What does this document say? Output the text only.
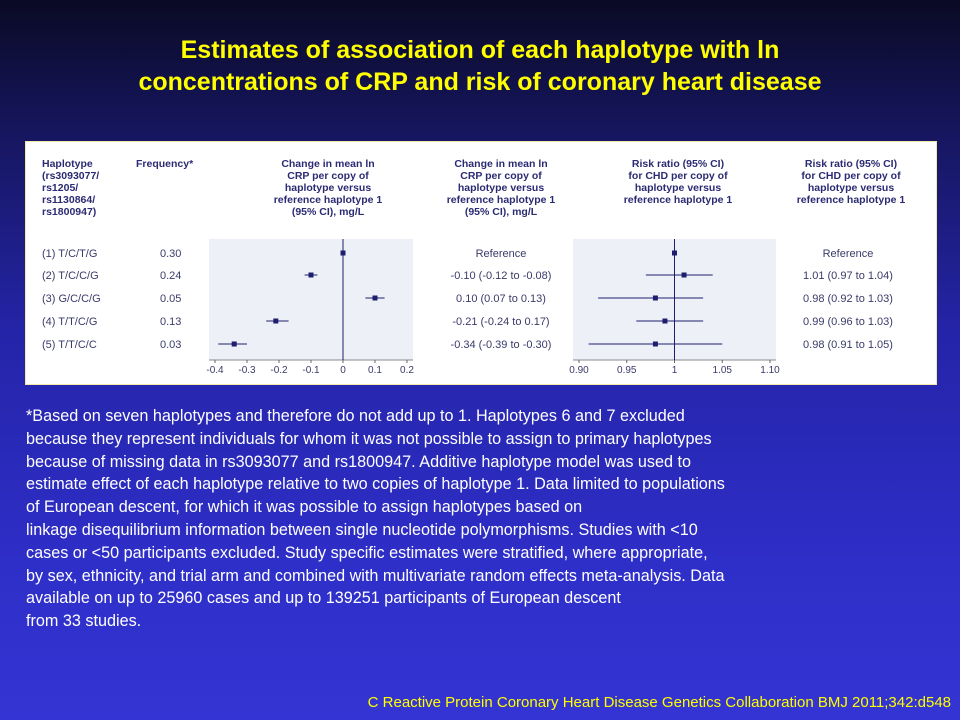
Estimates of association of each haplotype with ln
concentrations of CRP and risk of coronary heart disease
Haplotype
(rs3093077/
rs1205/
rs1130864/
rs1800947)
Frequency*	Change in mean ln
CRP per copy of
haplotype versus
reference haplotype 1
(95% CI), mg/L
Change in mean ln
CRP per copy of
haplotype versus
reference haplotype 1
(95% CI), mg/L
Risk ratio (95% CI)
for CHD per copy of
haplotype versus
reference haplotype 1
Risk ratio (95% CI)
for CHD per copy of
haplotype versus
reference haplotype 1
-0.4 -0.3 -0.2 -0.1 0 0.1 0.2	0.90	0.95	1	1.05	1.10
(1) T/C/T/G	0.30	Reference	Reference
(2) T/C/C/G	0.24	-0.10 (-0.12 to -0.08)	1.01 (0.97 to 1.04)
(3) G/C/C/G	0.05	0.10 (0.07 to 0.13)	0.98 (0.92 to 1.03)
(4) T/T/C/G	0.13	-0.21 (-0.24 to 0.17)	0.99 (0.96 to 1.03)
(5) T/T/C/C	0.03	-0.34 (-0.39 to -0.30)	0.98 (0.91 to 1.05)
*Based on seven haplotypes and therefore do not add up to 1. Haplotypes 6 and 7 excluded
because they represent individuals for whom it was not possible to assign to primary haplotypes
because of missing data in rs3093077 and rs1800947. Additive haplotype model was used to
estimate effect of each haplotype relative to two copies of haplotype 1. Data limited to populations
of European descent, for which it was possible to assign haplotypes based on
linkage disequilibrium information between single nucleotide polymorphisms. Studies with <10
cases or <50 participants excluded. Study specific estimates were stratified, where appropriate,
by sex, ethnicity, and trial arm and combined with multivariate random effects meta-analysis. Data
available on up to 25960 cases and up to 139251 participants of European descent
from 33 studies.
C Reactive Protein Coronary Heart Disease Genetics Collaboration BMJ 2011;342:d548
